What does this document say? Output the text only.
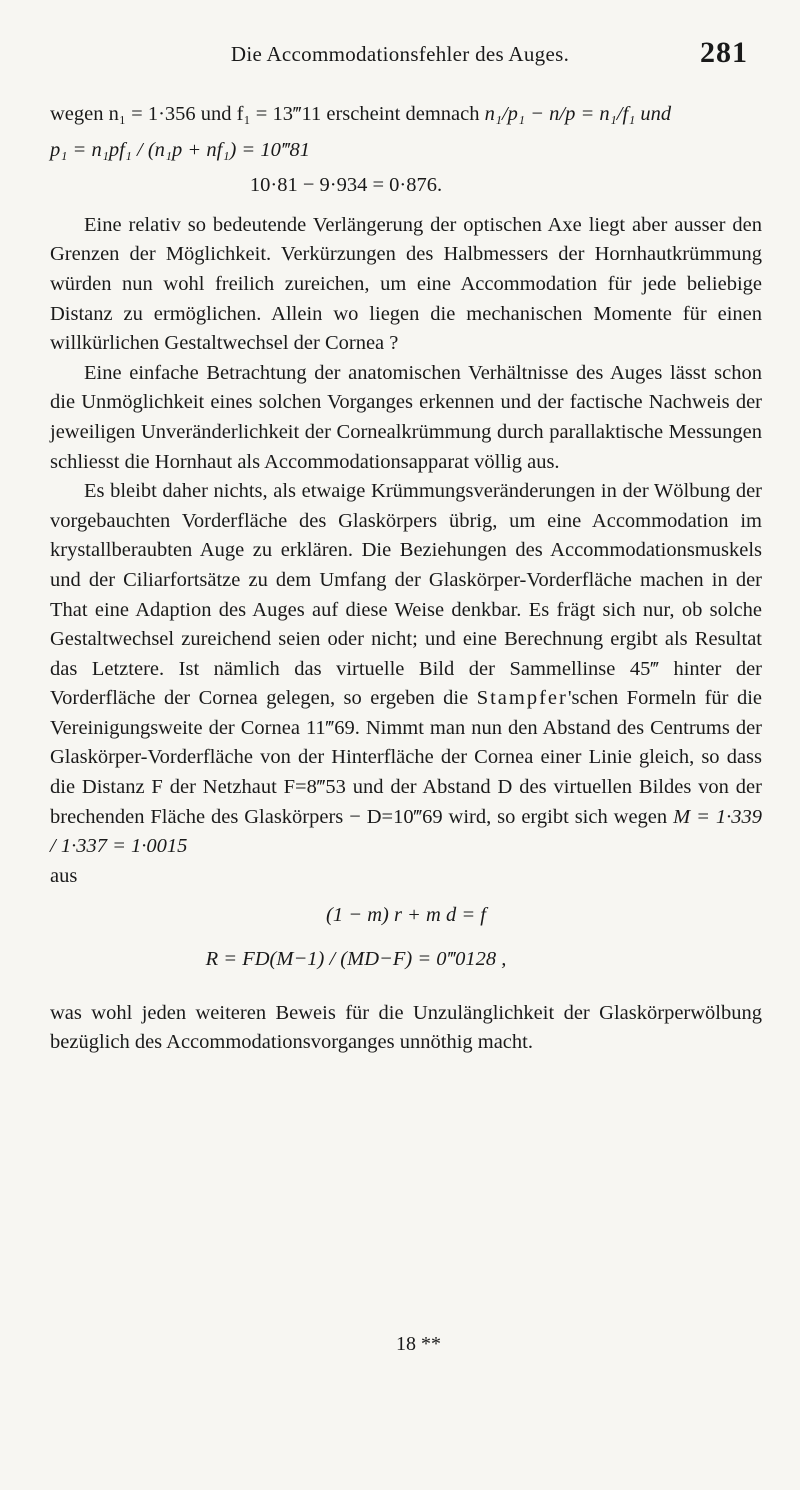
Die Accommodationsfehler des Auges.	281

wegen n₁ = 1·356 und f₁ = 13‴11 erscheint demnach n₁/p₁ − n/p = n₁/f₁ und

p₁ = n₁pf₁ / (n₁p + nf₁) = 10‴81

10·81 − 9·934 = 0·876.

Eine relativ so bedeutende Verlängerung der optischen Axe liegt aber ausser den Grenzen der Möglichkeit. Verkürzungen des Halbmessers der Hornhautkrümmung würden nun wohl freilich zureichen, um eine Accommodation für jede beliebige Distanz zu ermöglichen. Allein wo liegen die mechanischen Momente für einen willkürlichen Gestaltwechsel der Cornea ?

Eine einfache Betrachtung der anatomischen Verhältnisse des Auges lässt schon die Unmöglichkeit eines solchen Vorganges erkennen und der factische Nachweis der jeweiligen Unveränderlichkeit der Cornealkrümmung durch parallaktische Messungen schliesst die Hornhaut als Accommodationsapparat völlig aus.

Es bleibt daher nichts, als etwaige Krümmungsveränderungen in der Wölbung der vorgebauchten Vorderfläche des Glaskörpers übrig, um eine Accommodation im krystallberaubten Auge zu erklären. Die Beziehungen des Accommodationsmuskels und der Ciliarfortsätze zu dem Umfang der Glaskörper-Vorderfläche machen in der That eine Adaption des Auges auf diese Weise denkbar. Es frägt sich nur, ob solche Gestaltwechsel zureichend seien oder nicht; und eine Berechnung ergibt als Resultat das Letztere. Ist nämlich das virtuelle Bild der Sammellinse 45‴ hinter der Vorderfläche der Cornea gelegen, so ergeben die Stampfer'schen Formeln für die Vereinigungsweite der Cornea 11‴69. Nimmt man nun den Abstand des Centrums der Glaskörper-Vorderfläche von der Hinterfläche der Cornea einer Linie gleich, so dass die Distanz F der Netzhaut F=8‴53 und der Abstand D des virtuellen Bildes von der brechenden Fläche des Glaskörpers − D=10‴69 wird, so ergibt sich wegen M = 1·339 / 1·337 = 1·0015

aus

(1 − m) r + m d = f

R = FD(M−1) / (MD−F) = 0‴0128 ,

was wohl jeden weiteren Beweis für die Unzulänglichkeit der Glaskörperwölbung bezüglich des Accommodationsvorganges unnöthig macht.

18 **
